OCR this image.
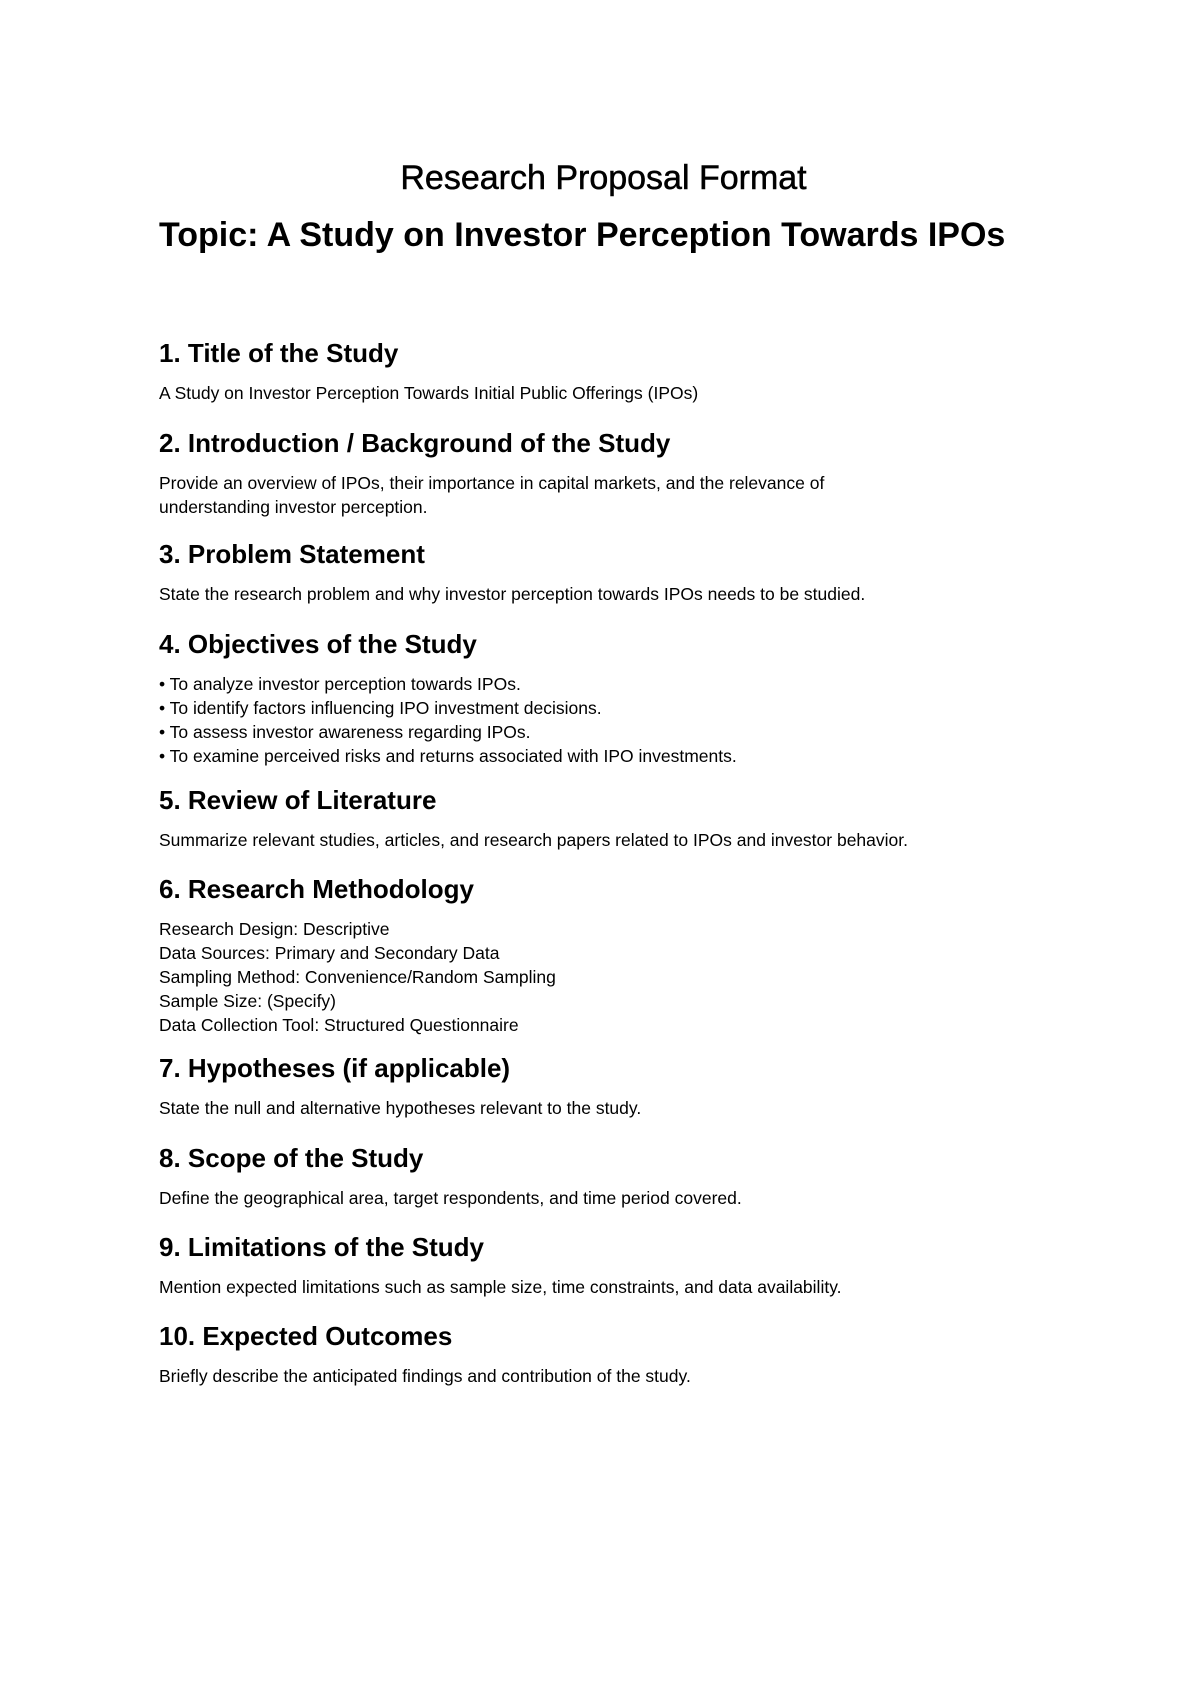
Research Proposal Format
Topic: A Study on Investor Perception Towards IPOs
1. Title of the Study
A Study on Investor Perception Towards Initial Public Offerings (IPOs)
2. Introduction / Background of the Study
Provide an overview of IPOs, their importance in capital markets, and the relevance of understanding investor perception.
3. Problem Statement
State the research problem and why investor perception towards IPOs needs to be studied.
4. Objectives of the Study
• To analyze investor perception towards IPOs.
• To identify factors influencing IPO investment decisions.
• To assess investor awareness regarding IPOs.
• To examine perceived risks and returns associated with IPO investments.
5. Review of Literature
Summarize relevant studies, articles, and research papers related to IPOs and investor behavior.
6. Research Methodology
Research Design: Descriptive
Data Sources: Primary and Secondary Data
Sampling Method: Convenience/Random Sampling
Sample Size: (Specify)
Data Collection Tool: Structured Questionnaire
7. Hypotheses (if applicable)
State the null and alternative hypotheses relevant to the study.
8. Scope of the Study
Define the geographical area, target respondents, and time period covered.
9. Limitations of the Study
Mention expected limitations such as sample size, time constraints, and data availability.
10. Expected Outcomes
Briefly describe the anticipated findings and contribution of the study.
